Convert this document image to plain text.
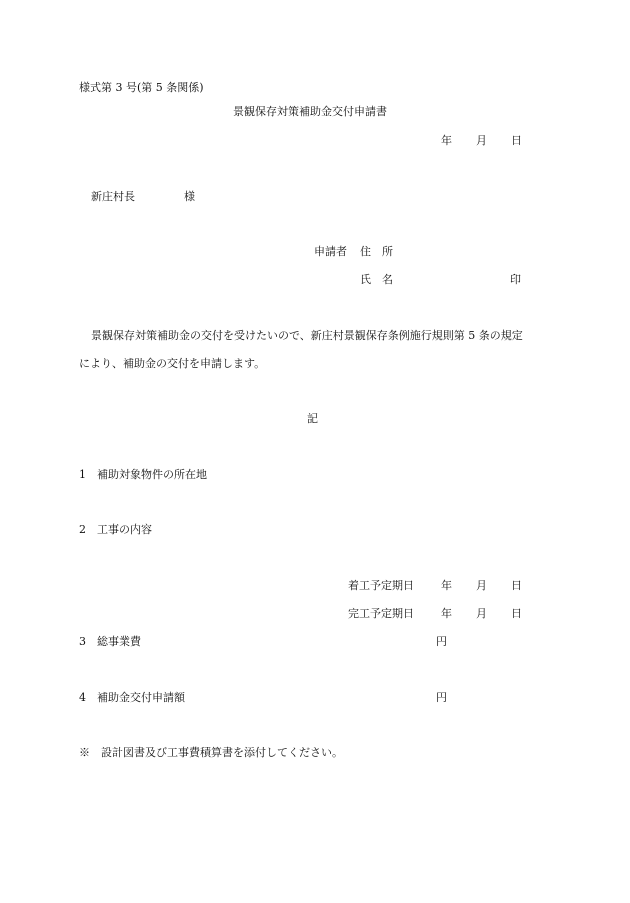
様式第 3 号(第 5 条関係)
景観保存対策補助金交付申請書
年 月 日
新庄村長	様
申請者 住　所
氏　名	印
景観保存対策補助金の交付を受けたいので、新庄村景観保存条例施行規則第 5 条の規定
により、補助金の交付を申請します。
記
1　補助対象物件の所在地
2　工事の内容
着工予定期日 年 月 日
完工予定期日 年 月 日
3　総事業費	円
4　補助金交付申請額	円
※　設計図書及び工事費積算書を添付してください。
